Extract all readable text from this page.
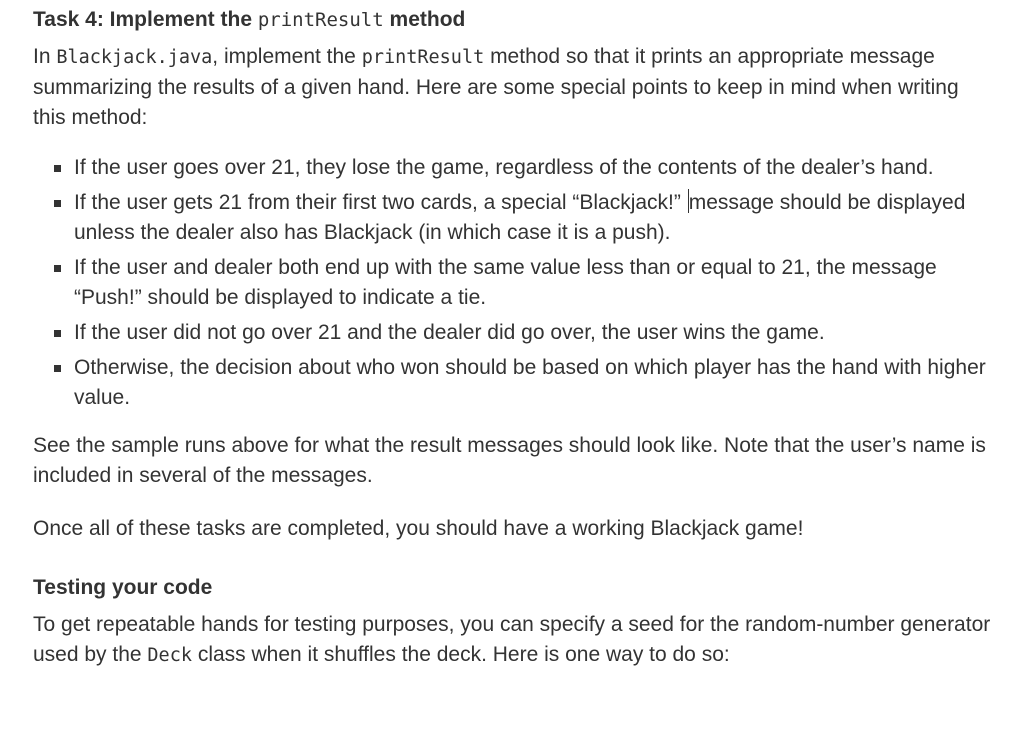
Task 4: Implement the printResult method

In Blackjack.java, implement the printResult method so that it prints an appropriate message summarizing the results of a given hand. Here are some special points to keep in mind when writing this method:

If the user goes over 21, they lose the game, regardless of the contents of the dealer’s hand.
If the user gets 21 from their first two cards, a special “Blackjack!” message should be displayed unless the dealer also has Blackjack (in which case it is a push).
If the user and dealer both end up with the same value less than or equal to 21, the message “Push!” should be displayed to indicate a tie.
If the user did not go over 21 and the dealer did go over, the user wins the game.
Otherwise, the decision about who won should be based on which player has the hand with higher value.

See the sample runs above for what the result messages should look like. Note that the user’s name is included in several of the messages.

Once all of these tasks are completed, you should have a working Blackjack game!

Testing your code

To get repeatable hands for testing purposes, you can specify a seed for the random-number generator used by the Deck class when it shuffles the deck. Here is one way to do so:
